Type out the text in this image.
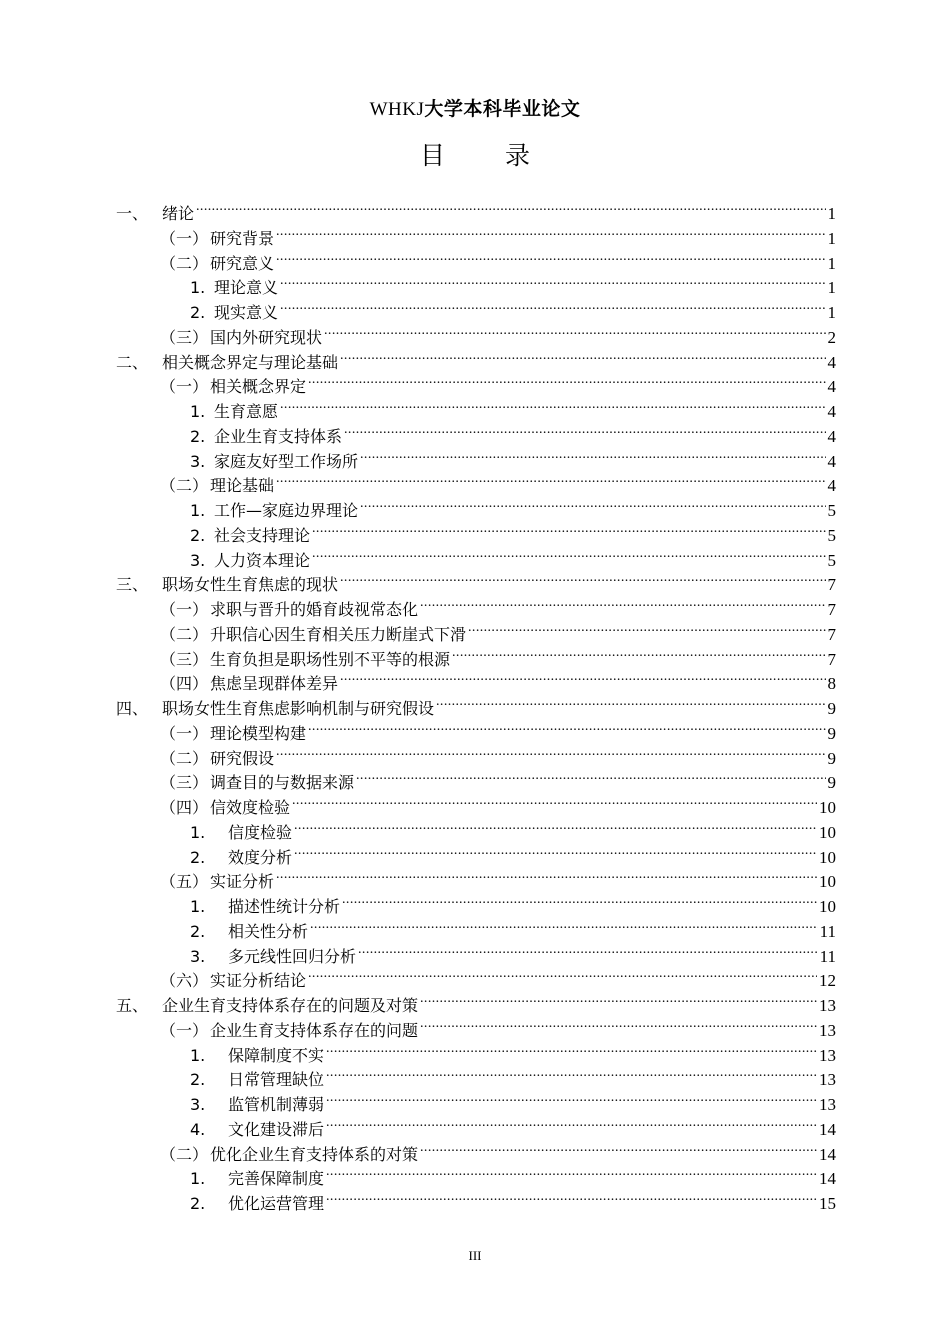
WHKJ大学本科毕业论文
目 录
一、 绪论 .....	1
（一） 研究背景 .....	1
（二） 研究意义 .....	1
1. 理论意义 .....	1
2. 现实意义 .....	1
（三） 国内外研究现状 .....	2
二、 相关概念界定与理论基础 .....	4
（一） 相关概念界定 .....	4
1. 生育意愿 .....	4
2. 企业生育支持体系 .....	4
3. 家庭友好型工作场所 .....	4
（二） 理论基础 .....	4
1. 工作—家庭边界理论 .....	5
2. 社会支持理论 .....	5
3. 人力资本理论 .....	5
三、 职场女性生育焦虑的现状 .....	7
（一） 求职与晋升的婚育歧视常态化 .....	7
（二） 升职信心因生育相关压力断崖式下滑 .....	7
（三） 生育负担是职场性别不平等的根源 .....	7
（四） 焦虑呈现群体差异 .....	8
四、 职场女性生育焦虑影响机制与研究假设 .....	9
（一） 理论模型构建 .....	9
（二） 研究假设 .....	9
（三） 调查目的与数据来源 .....	9
（四） 信效度检验 .....	10
1.	信度检验 .....	10
2.	效度分析 .....	10
（五） 实证分析 .....	10
1.	描述性统计分析 .....	10
2.	相关性分析 .....	11
3.	多元线性回归分析 .....	11
（六） 实证分析结论 .....	12
五、 企业生育支持体系存在的问题及对策 .....	13
（一） 企业生育支持体系存在的问题 .....	13
1.	保障制度不实 .....	13
2.	日常管理缺位 .....	13
3.	监管机制薄弱 .....	13
4.	文化建设滞后 .....	14
（二） 优化企业生育支持体系的对策 .....	14
1.	完善保障制度 .....	14
2.	优化运营管理 .....	15
III
